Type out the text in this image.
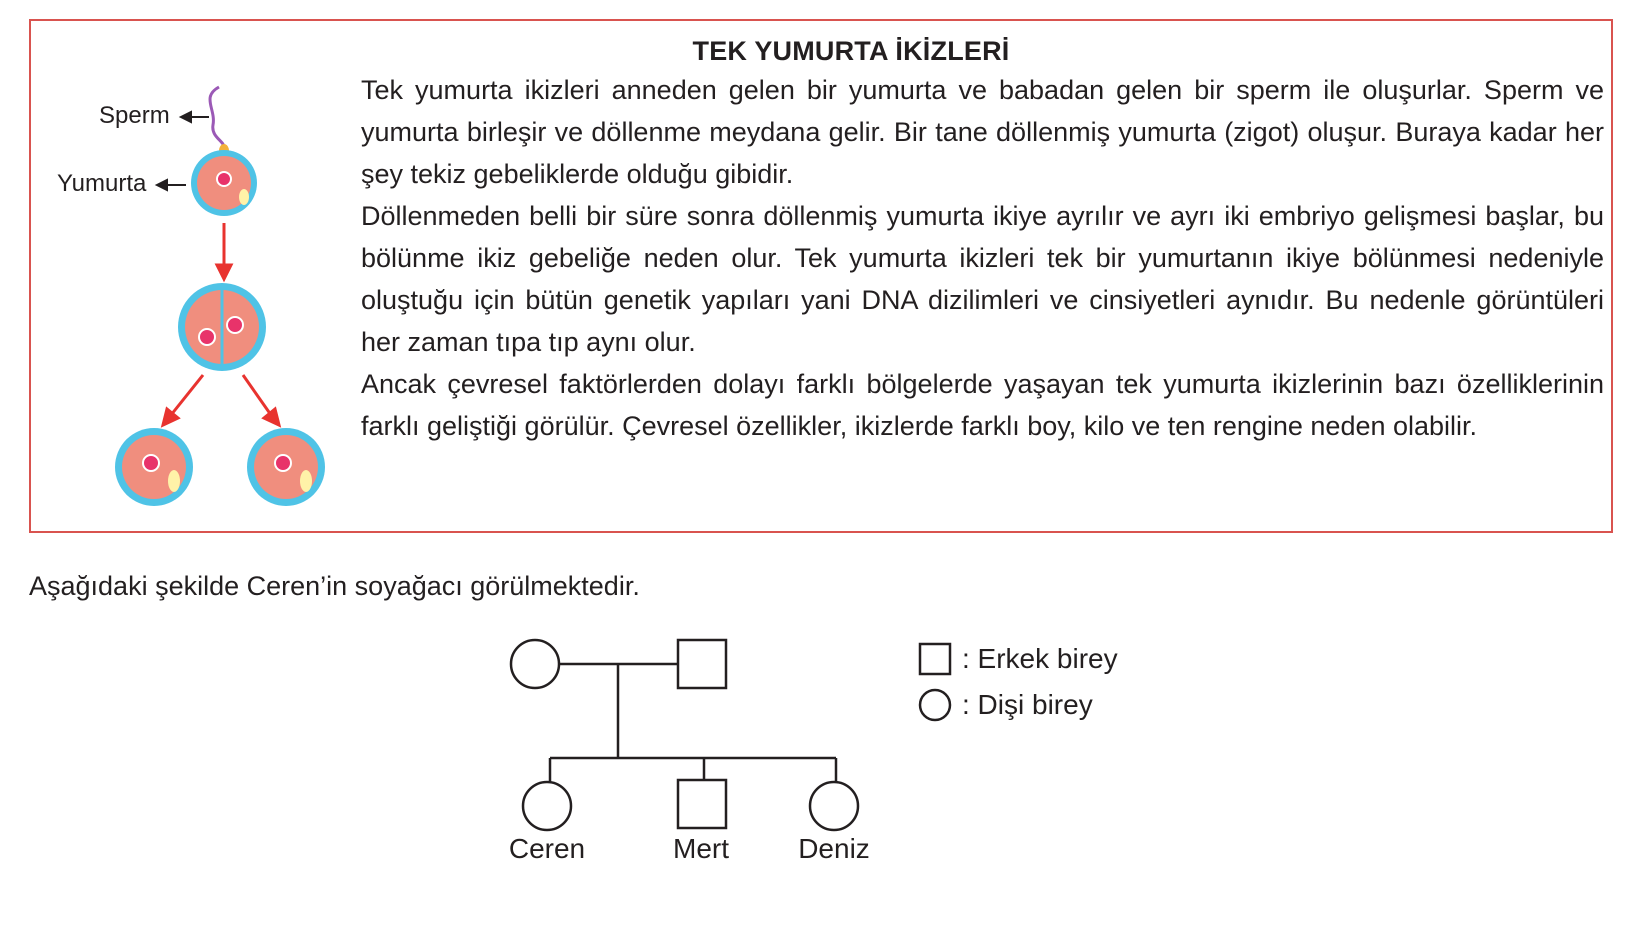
TEK YUMURTA İKİZLERİ
Sperm
Yumurta

Tek yumurta ikizleri anneden gelen bir yumurta ve babadan gelen bir sperm ile oluşurlar. Sperm ve yumurta birleşir ve döllenme meydana gelir. Bir tane döllenmiş yumurta (zigot) oluşur. Buraya kadar her şey tekiz gebeliklerde olduğu gibidir.

Döllenmeden belli bir süre sonra döllenmiş yumurta ikiye ayrılır ve ayrı iki embriyo gelişmesi başlar, bu bölünme ikiz gebeliğe neden olur. Tek yumurta ikizleri tek bir yumurtanın ikiye bölünmesi nedeniyle oluştuğu için bütün genetik yapıları yani DNA dizilimleri ve cinsiyetleri aynıdır. Bu nedenle görüntüleri her zaman tıpa tıp aynı olur.

Ancak çevresel faktörlerden dolayı farklı bölgelerde yaşayan tek yumurta ikizlerinin bazı özelliklerinin farklı geliştiği görülür. Çevresel özellikler, ikizlerde farklı boy, kilo ve ten rengine neden olabilir.

Aşağıdaki şekilde Ceren’in soyağacı görülmektedir.

Ceren	Mert	Deniz
: Erkek birey
: Dişi birey
